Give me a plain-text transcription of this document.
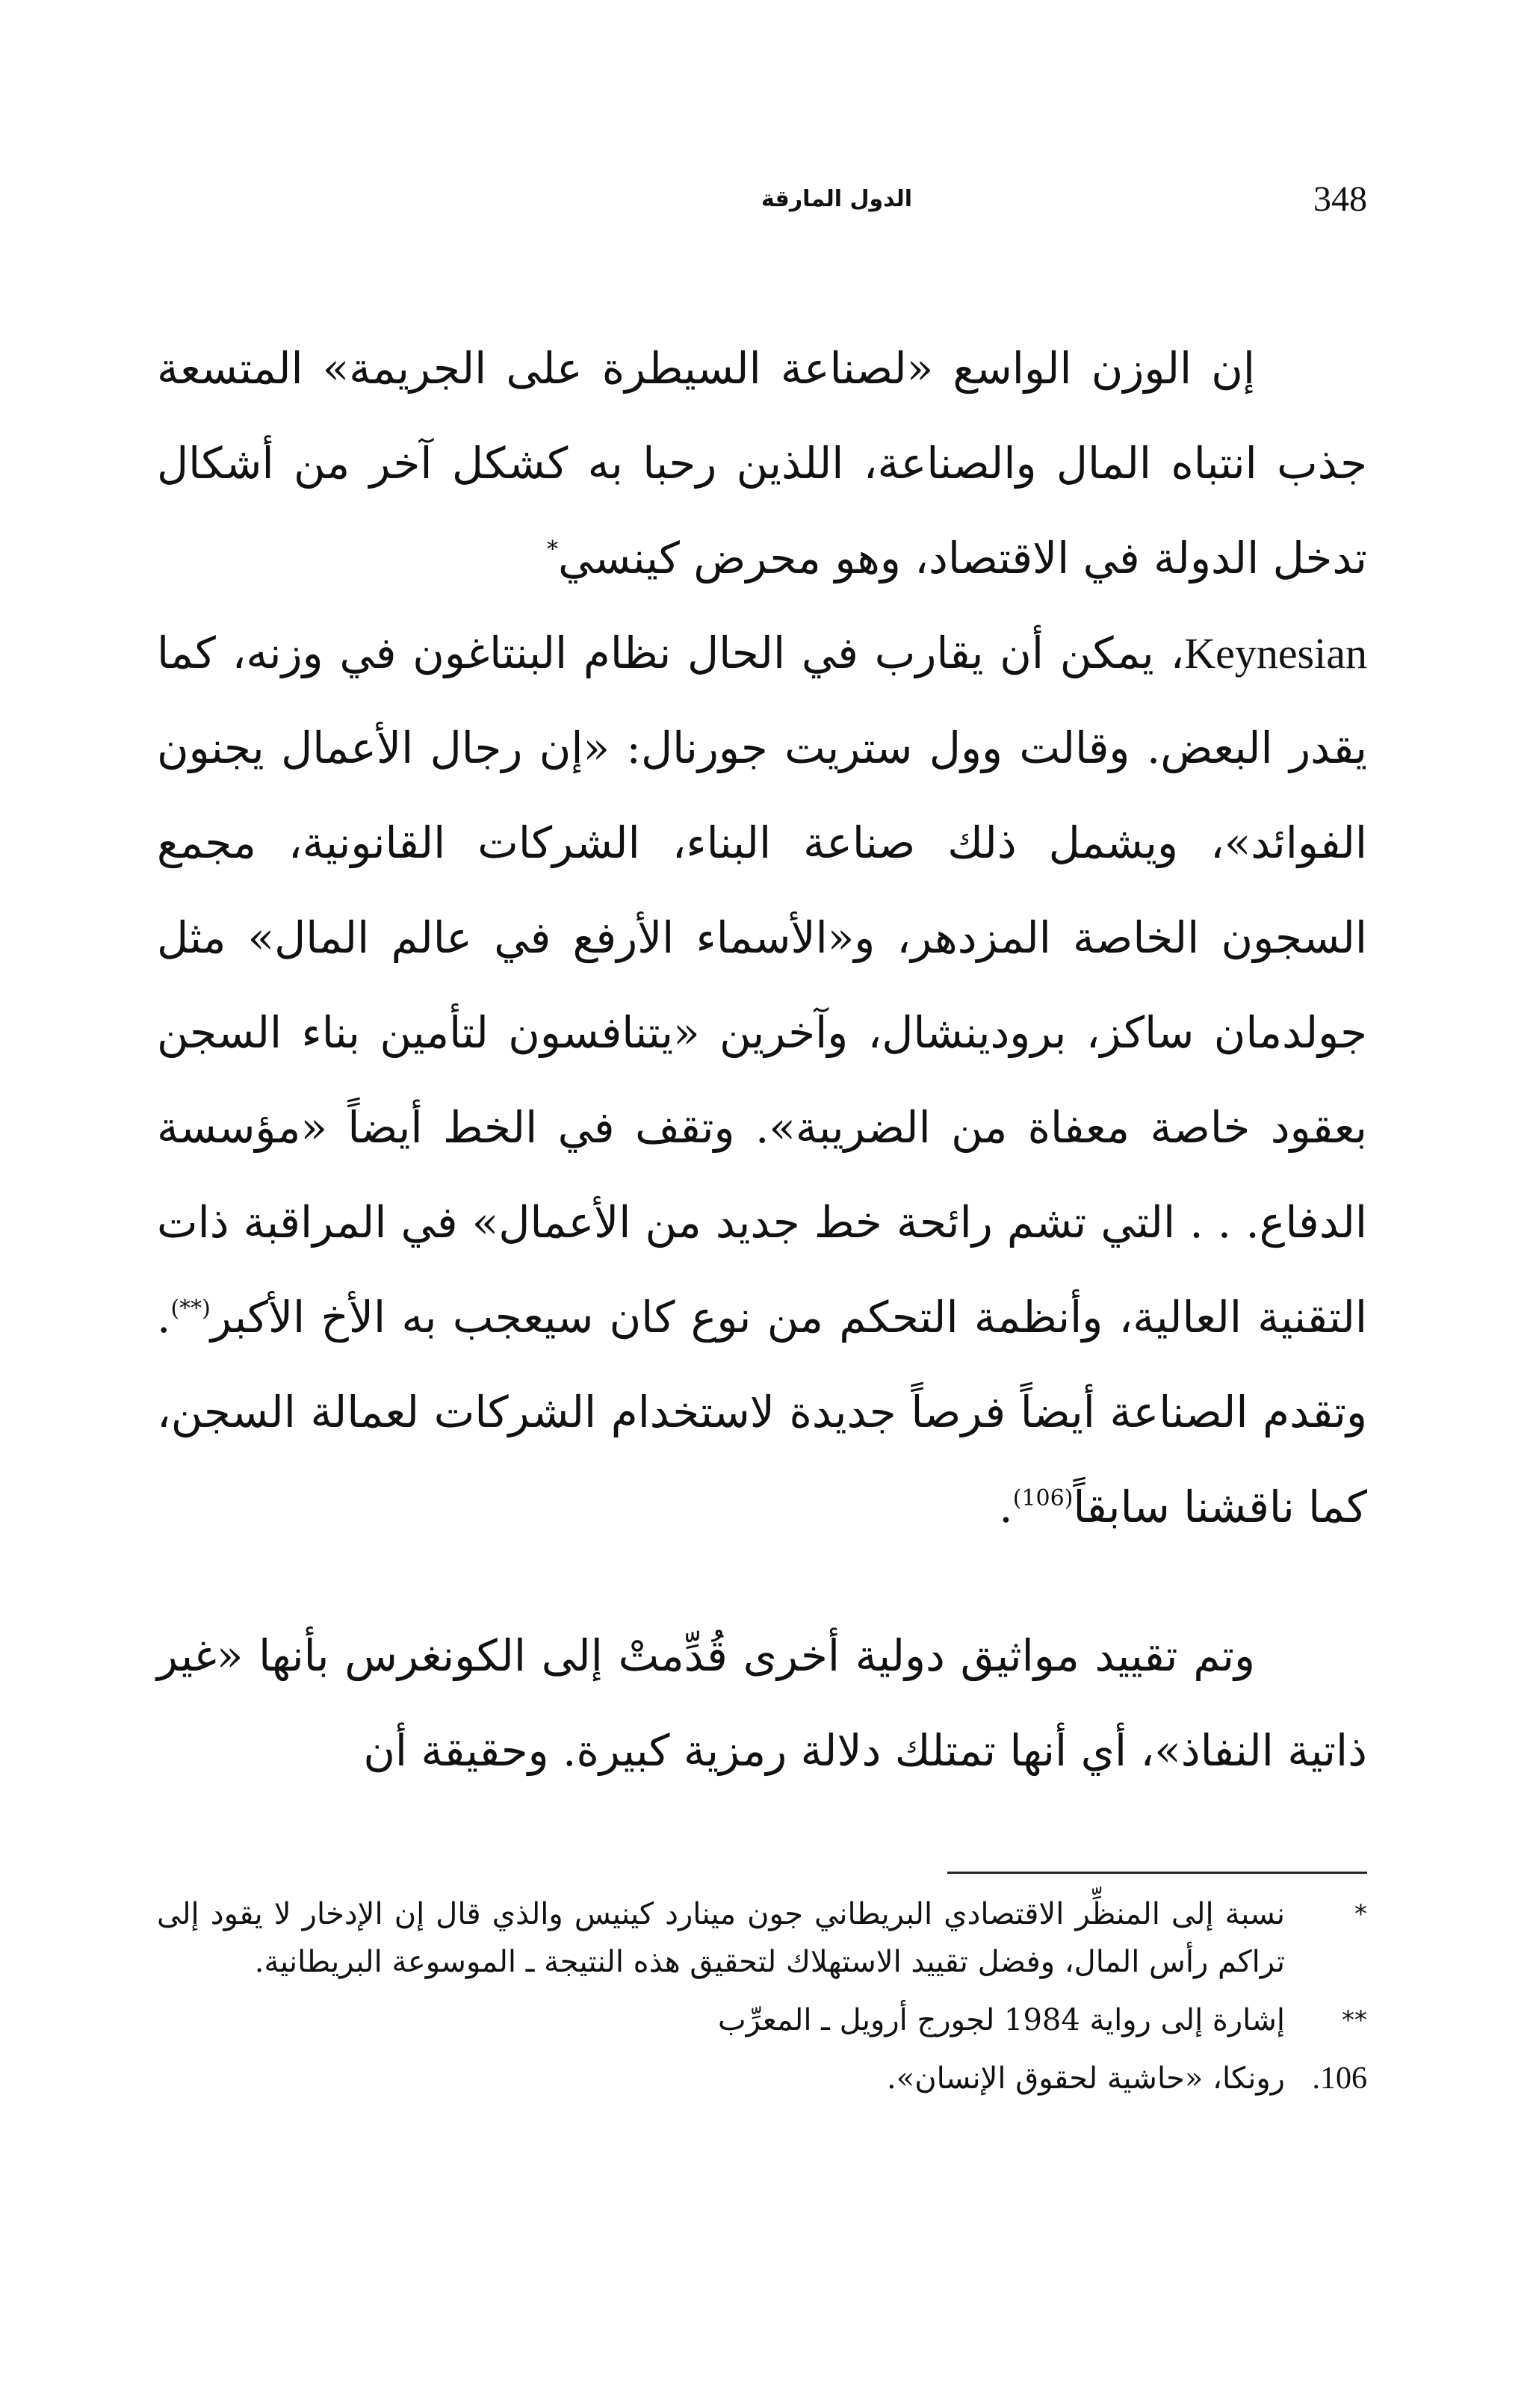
348
الدول المارقة

إن الوزن الواسع «لصناعة السيطرة على الجريمة» المتسعة جذب انتباه المال والصناعة، اللذين رحبا به كشكل آخر من أشكال تدخل الدولة في الاقتصاد، وهو محرض كينسي*
Keynesian، يمكن أن يقارب في الحال نظام البنتاغون في وزنه، كما يقدر البعض. وقالت وول ستريت جورنال: «إن رجال الأعمال يجنون الفوائد»، ويشمل ذلك صناعة البناء، الشركات القانونية، مجمع السجون الخاصة المزدهر، و«الأسماء الأرفع في عالم المال» مثل جولدمان ساكز، برودينشال، وآخرين «يتنافسون لتأمين بناء السجن بعقود خاصة معفاة من الضريبة». وتقف في الخط أيضاً «مؤسسة الدفاع. . . التي تشم رائحة خط جديد من الأعمال» في المراقبة ذات التقنية العالية، وأنظمة التحكم من نوع كان سيعجب به الأخ الأكبر(**). وتقدم الصناعة أيضاً فرصاً جديدة لاستخدام الشركات لعمالة السجن، كما ناقشنا سابقاً$^{(106)}$.

وتم تقييد مواثيق دولية أخرى قُدِّمتْ إلى الكونغرس بأنها «غير ذاتية النفاذ»، أي أنها تمتلك دلالة رمزية كبيرة. وحقيقة أن

*
نسبة إلى المنظِّر الاقتصادي البريطاني جون مينارد كينيس والذي قال إن الإدخار لا يقود إلى تراكم رأس المال، وفضل تقييد الاستهلاك لتحقيق هذه النتيجة ـ الموسوعة البريطانية.
**
إشارة إلى رواية 1984 لجورج أرويل ـ المعرِّب
106.
رونكا، «حاشية لحقوق الإنسان».
